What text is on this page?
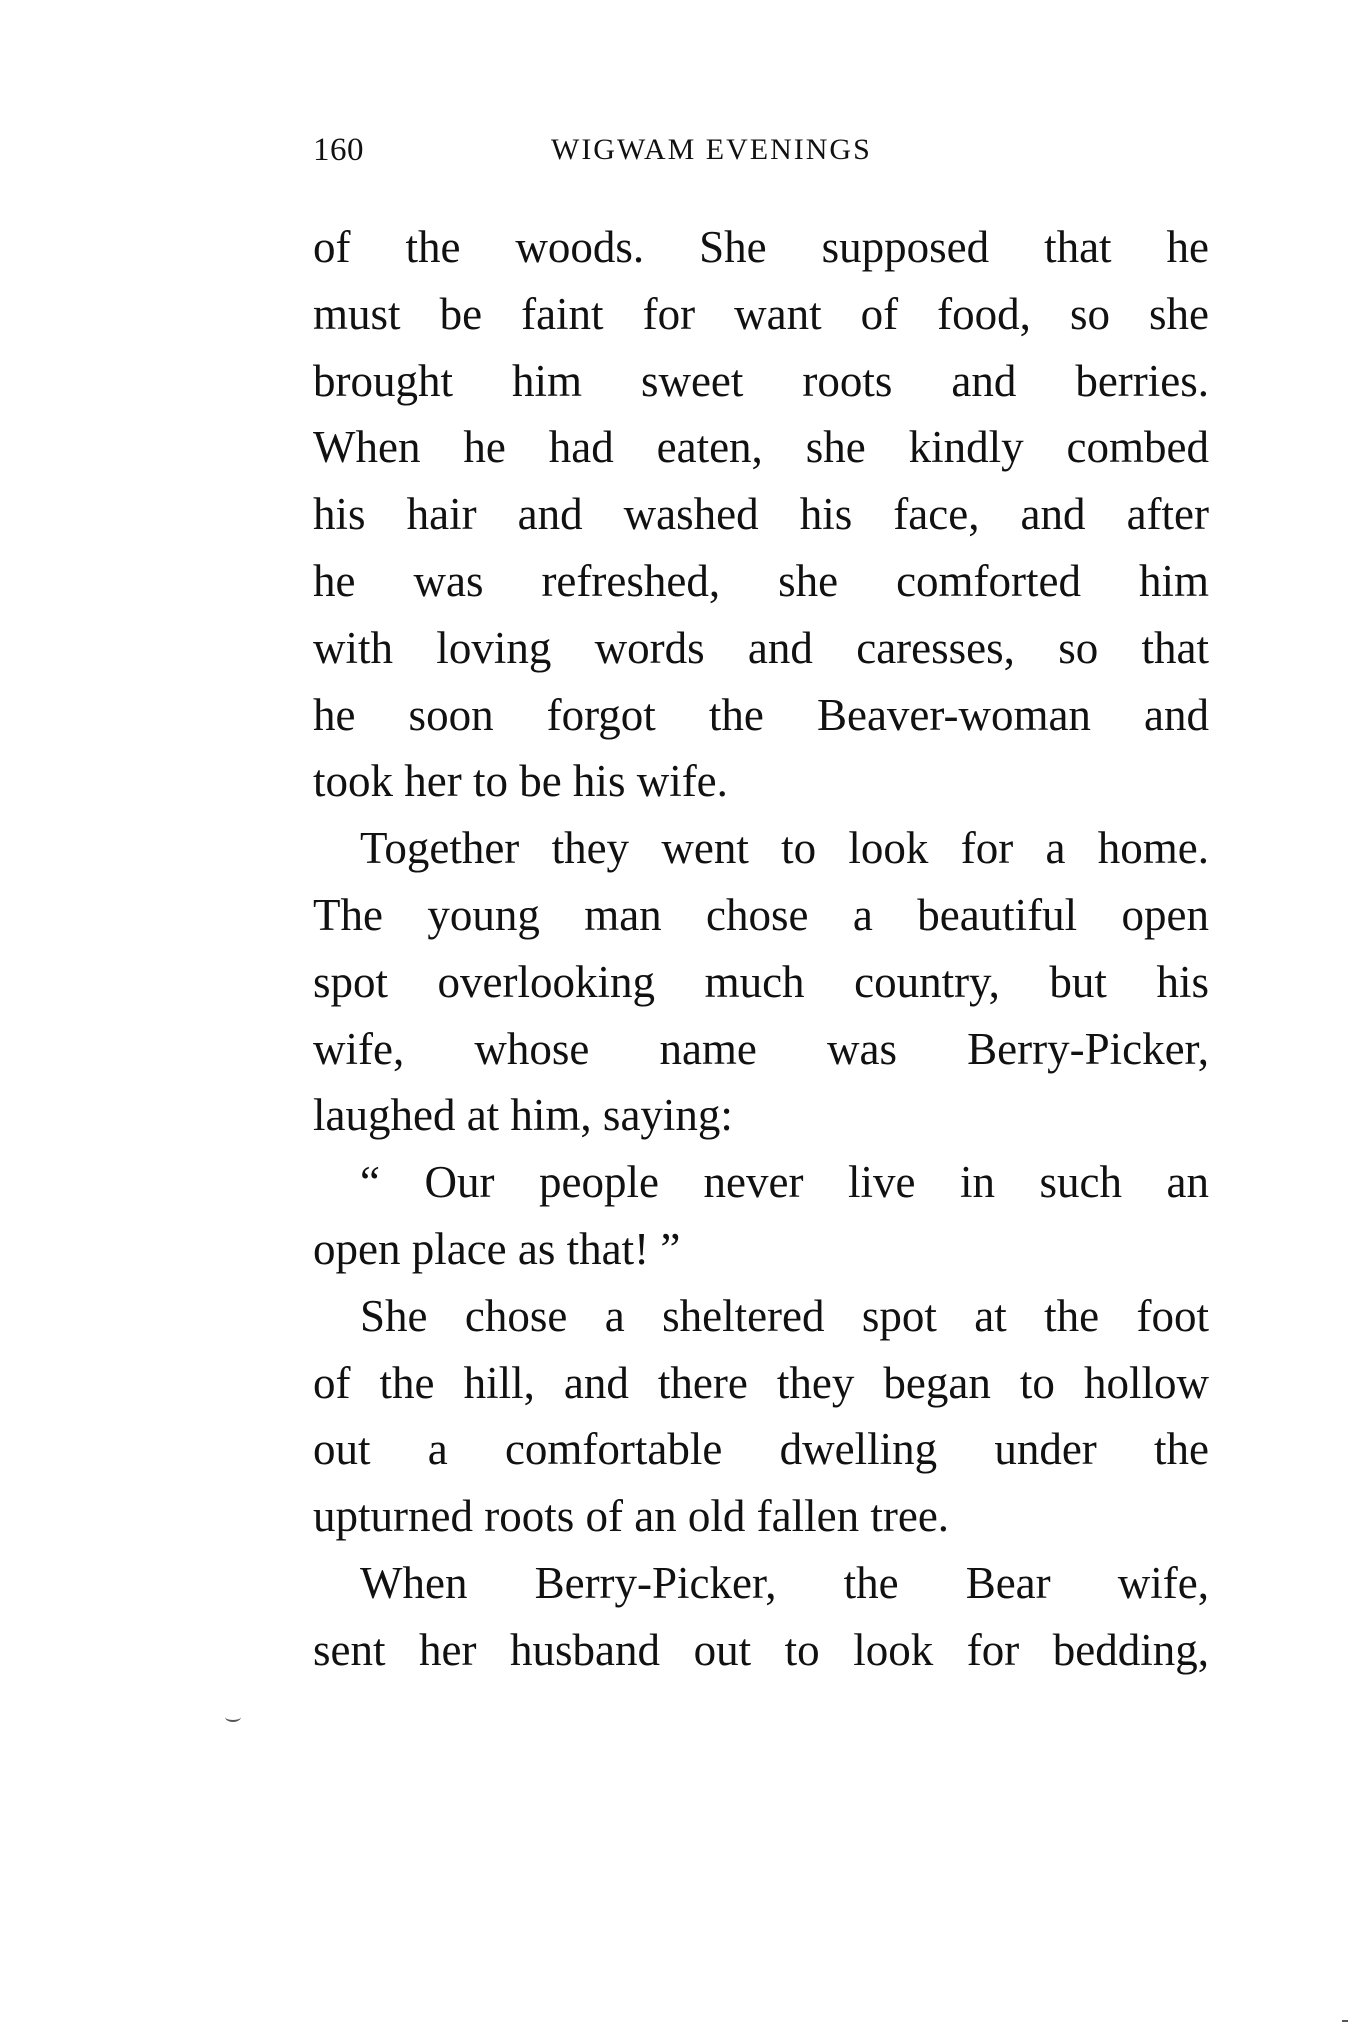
160	WIGWAM EVENINGS
of the woods. She supposed that he
must be faint for want of food, so she
brought him sweet roots and berries.
When he had eaten, she kindly combed
his hair and washed his face, and after
he was refreshed, she comforted him
with loving words and caresses, so that
he soon forgot the Beaver-woman and
took her to be his wife.
Together they went to look for a home.
The young man chose a beautiful open
spot overlooking much country, but his
wife, whose name was Berry-Picker,
laughed at him, saying:
“ Our people never live in such an
open place as that! ”
She chose a sheltered spot at the foot
of the hill, and there they began to hollow
out a comfortable dwelling under the
upturned roots of an old fallen tree.
When Berry-Picker, the Bear wife,
sent her husband out to look for bedding,
